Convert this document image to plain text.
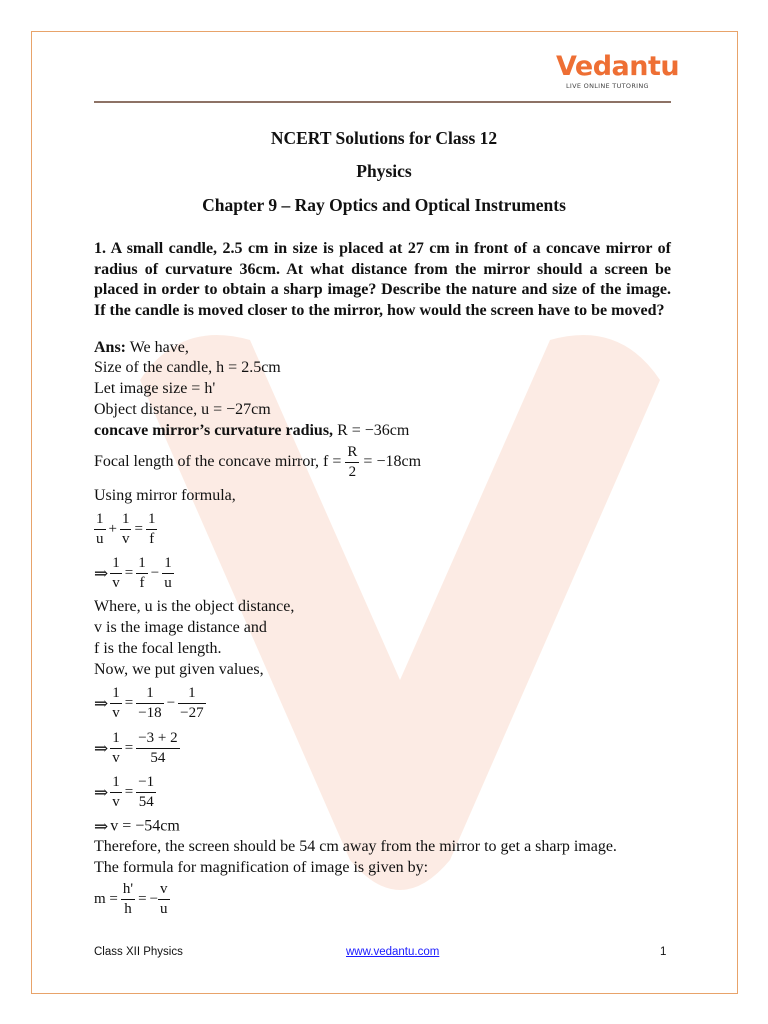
Vedantu
LIVE ONLINE TUTORING
NCERT Solutions for Class 12
Physics
Chapter 9 – Ray Optics and Optical Instruments
1. A small candle, 2.5 cm in size is placed at 27 cm in front of a concave mirror of radius of curvature 36cm. At what distance from the mirror should a screen be placed in order to obtain a sharp image? Describe the nature and size of the image. If the candle is moved closer to the mirror, how would the screen have to be moved?
Ans: We have,
Size of the candle, h = 2.5cm
Let image size = h'
Object distance, u = −27cm
concave mirror’s curvature radius, R = −36cm
Focal length of the concave mirror, $f = \frac{R}{2} = -18cm$
Using mirror formula,
$\frac{1}{u} + \frac{1}{v} = \frac{1}{f}$
⇒ $\frac{1}{v} = \frac{1}{f} - \frac{1}{u}$
Where, u is the object distance,
v is the image distance and
f is the focal length.
Now, we put given values,
⇒ $\frac{1}{v} = \frac{1}{-18} - \frac{1}{-27}$
⇒ $\frac{1}{v} = \frac{-3 + 2}{54}$
⇒ $\frac{1}{v} = \frac{-1}{54}$
⇒ v = −54cm
Therefore, the screen should be 54 cm away from the mirror to get a sharp image.
The formula for magnification of image is given by:
$m = \frac{h'}{h}$ = − $\frac{v}{u}$
Class XII Physics	www.vedantu.com	1
